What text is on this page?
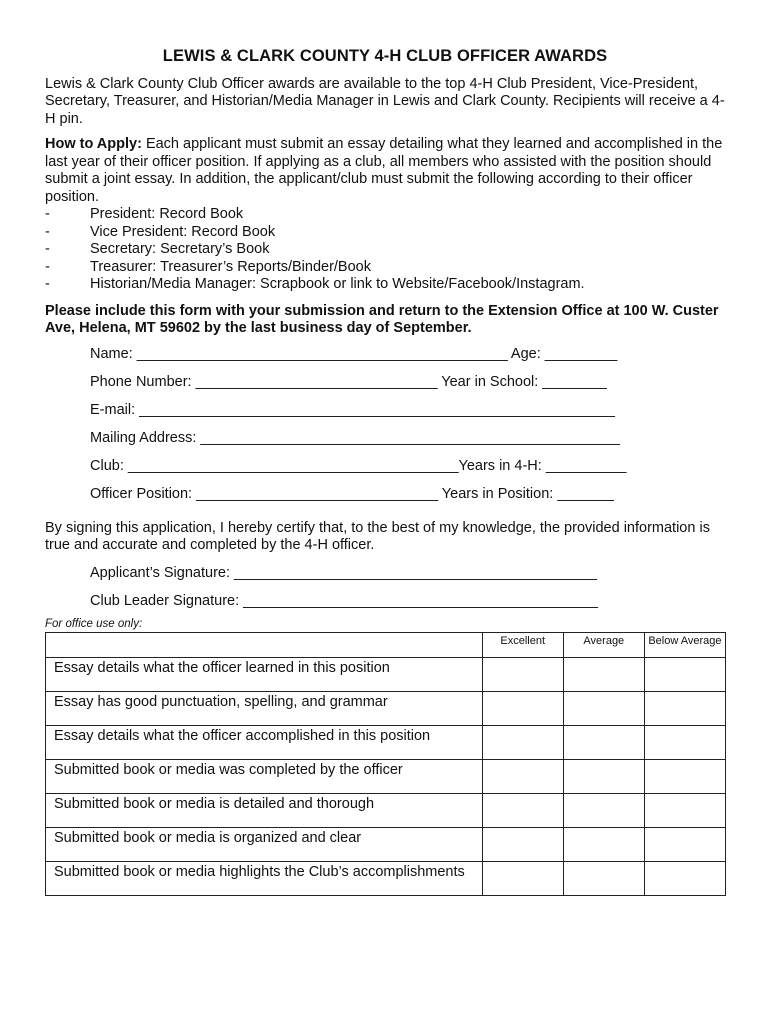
LEWIS & CLARK COUNTY 4-H CLUB OFFICER AWARDS

Lewis & Clark County Club Officer awards are available to the top 4-H Club President, Vice-President, Secretary, Treasurer, and Historian/Media Manager in Lewis and Clark County. Recipients will receive a 4-H pin.

How to Apply: Each applicant must submit an essay detailing what they learned and accomplished in the last year of their officer position. If applying as a club, all members who assisted with the position should submit a joint essay. In addition, the applicant/club must submit the following according to their officer position.

-	President: Record Book
-	Vice President: Record Book
-	Secretary: Secretary’s Book
-	Treasurer: Treasurer’s Reports/Binder/Book
-	Historian/Media Manager: Scrapbook or link to Website/Facebook/Instagram.

Please include this form with your submission and return to the Extension Office at 100 W. Custer Ave, Helena, MT 59602 by the last business day of September.

Name: ______________________________________________ Age: _________
Phone Number: ______________________________ Year in School: ________
E-mail: ___________________________________________________________
Mailing Address: ____________________________________________________
Club: _________________________________________Years in 4-H: __________
Officer Position: ______________________________ Years in Position: _______

By signing this application, I hereby certify that, to the best of my knowledge, the provided information is true and accurate and completed by the 4-H officer.

Applicant’s Signature: _____________________________________________
Club Leader Signature: ____________________________________________
For office use only:
	Excellent	Average	Below Average
Essay details what the officer learned in this position			
Essay has good punctuation, spelling, and grammar			
Essay details what the officer accomplished in this position			
Submitted book or media was completed by the officer			
Submitted book or media is detailed and thorough			
Submitted book or media is organized and clear			
Submitted book or media highlights the Club’s accomplishments			
